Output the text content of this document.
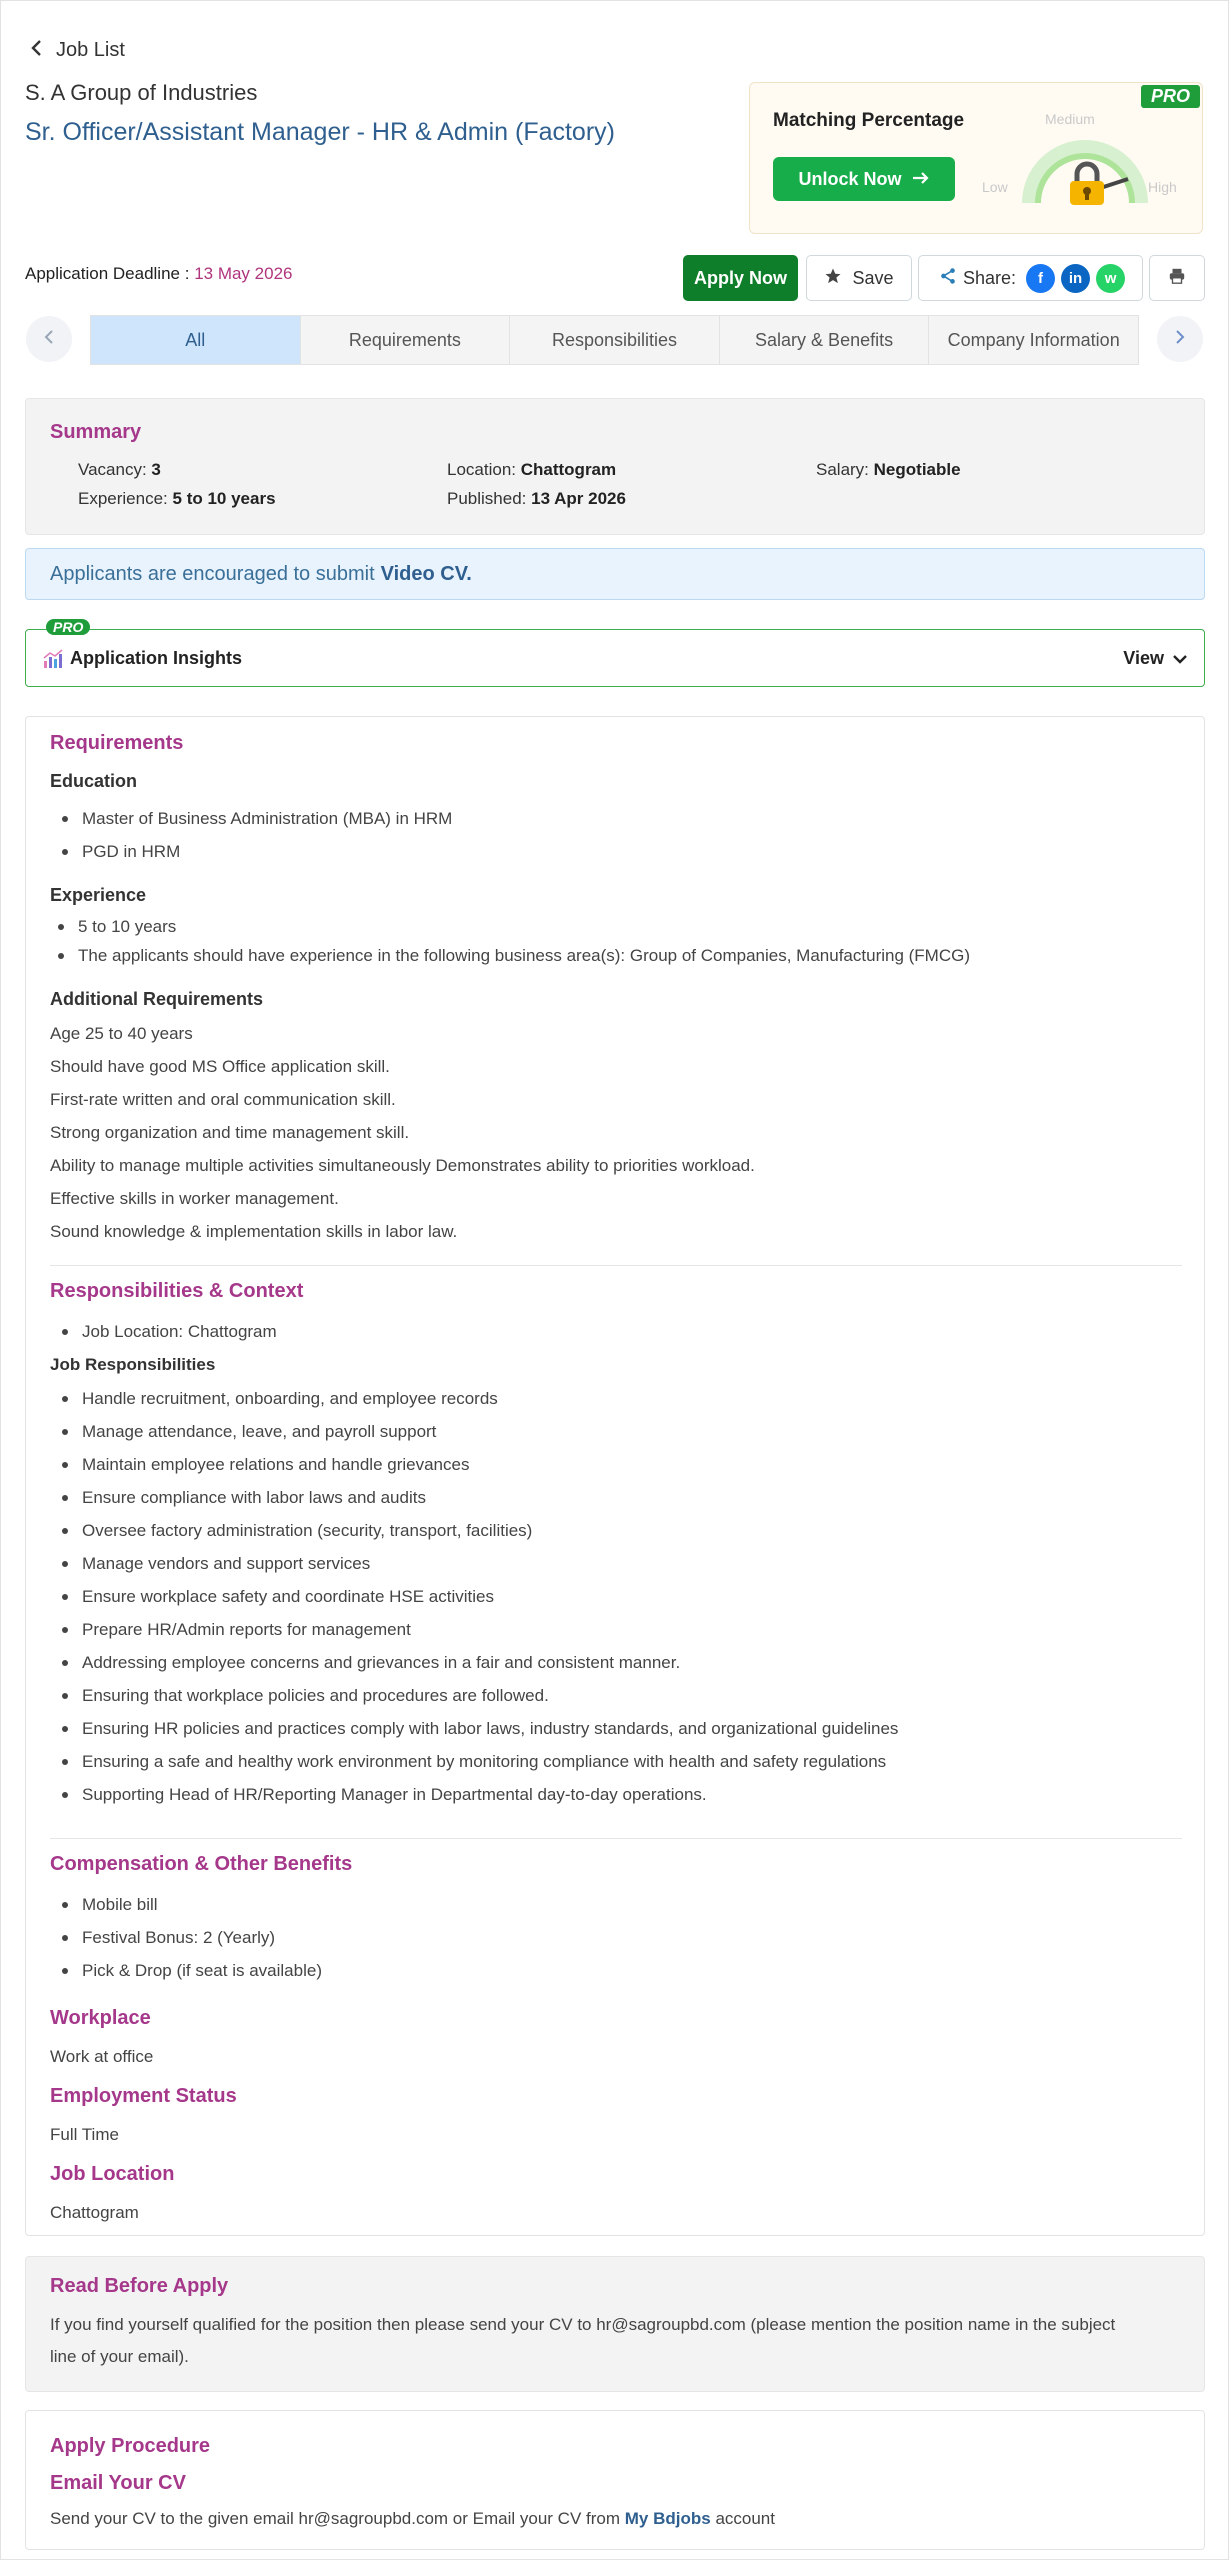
Job List
S. A Group of Industries
Sr. Officer/Assistant Manager - HR & Admin (Factory)
PRO
Matching Percentage
Unlock Now
Medium
Low	High
Application Deadline : 13 May 2026	Apply Now	Save	Share:	f	in	w
All	Requirements	Responsibilities	Salary & Benefits	Company Information
Summary
Vacancy: 3	Location: Chattogram	Salary: Negotiable
Experience: 5 to 10 years	Published: 13 Apr 2026
Applicants are encouraged to submit Video CV.
PRO
Application Insights	View
Requirements
Education
Master of Business Administration (MBA) in HRM
PGD in HRM
Experience
5 to 10 years
The applicants should have experience in the following business area(s): Group of Companies, Manufacturing (FMCG)
Additional Requirements
Age 25 to 40 years
Should have good MS Office application skill.
First-rate written and oral communication skill.
Strong organization and time management skill.
Ability to manage multiple activities simultaneously Demonstrates ability to priorities workload.
Effective skills in worker management.
Sound knowledge & implementation skills in labor law.
Responsibilities & Context
Job Location: Chattogram
Job Responsibilities
Handle recruitment, onboarding, and employee records
Manage attendance, leave, and payroll support
Maintain employee relations and handle grievances
Ensure compliance with labor laws and audits
Oversee factory administration (security, transport, facilities)
Manage vendors and support services
Ensure workplace safety and coordinate HSE activities
Prepare HR/Admin reports for management
Addressing employee concerns and grievances in a fair and consistent manner.
Ensuring that workplace policies and procedures are followed.
Ensuring HR policies and practices comply with labor laws, industry standards, and organizational guidelines
Ensuring a safe and healthy work environment by monitoring compliance with health and safety regulations
Supporting Head of HR/Reporting Manager in Departmental day-to-day operations.
Compensation & Other Benefits
Mobile bill
Festival Bonus: 2 (Yearly)
Pick & Drop (if seat is available)
Workplace
Work at office
Employment Status
Full Time
Job Location
Chattogram
Read Before Apply
If you find yourself qualified for the position then please send your CV to hr@sagroupbd.com (please mention the position name in the subject
line of your email).
Apply Procedure
Email Your CV
Send your CV to the given email hr@sagroupbd.com or Email your CV from My Bdjobs account
